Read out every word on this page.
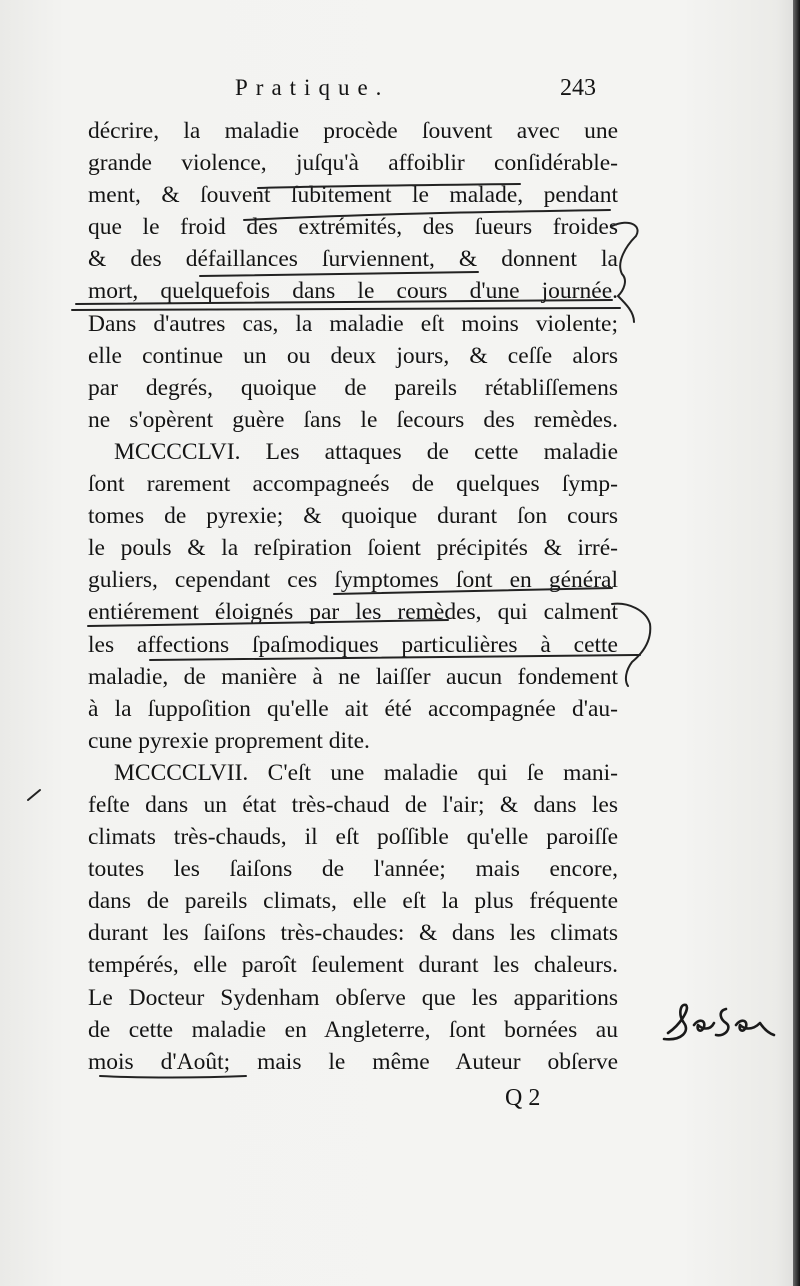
Pratique.	243
décrire, la maladie procède ſouvent avec une
grande violence, juſqu'à affoiblir conſidérable-
ment, & ſouvent ſubitement le malade, pendant
que le froid des extrémités, des ſueurs froides
& des défaillances ſurviennent, & donnent la
mort, quelquefois dans le cours d'une journée.
Dans d'autres cas, la maladie eſt moins violente;
elle continue un ou deux jours, & ceſſe alors
par degrés, quoique de pareils rétabliſſemens
ne s'opèrent guère ſans le ſecours des remèdes.
MCCCCLVI. Les attaques de cette maladie
ſont rarement accompagneés de quelques ſymp-
tomes de pyrexie; & quoique durant ſon cours
le pouls & la reſpiration ſoient précipités & irré-
guliers, cependant ces ſymptomes ſont en général
entiérement éloignés par les remèdes, qui calment
les affections ſpaſmodiques particulières à cette
maladie, de manière à ne laiſſer aucun fondement
à la ſuppoſition qu'elle ait été accompagnée d'au-
cune pyrexie proprement dite.
MCCCCLVII. C'eſt une maladie qui ſe mani-
feſte dans un état très-chaud de l'air; & dans les
climats très-chauds, il eſt poſſible qu'elle paroiſſe
toutes les ſaiſons de l'année; mais encore,
dans de pareils climats, elle eſt la plus fréquente
durant les ſaiſons très-chaudes: & dans les climats
tempérés, elle paroît ſeulement durant les chaleurs.
Le Docteur Sydenham obſerve que les apparitions
de cette maladie en Angleterre, ſont bornées au
mois d'Août; mais le même Auteur obſerve
Q 2
